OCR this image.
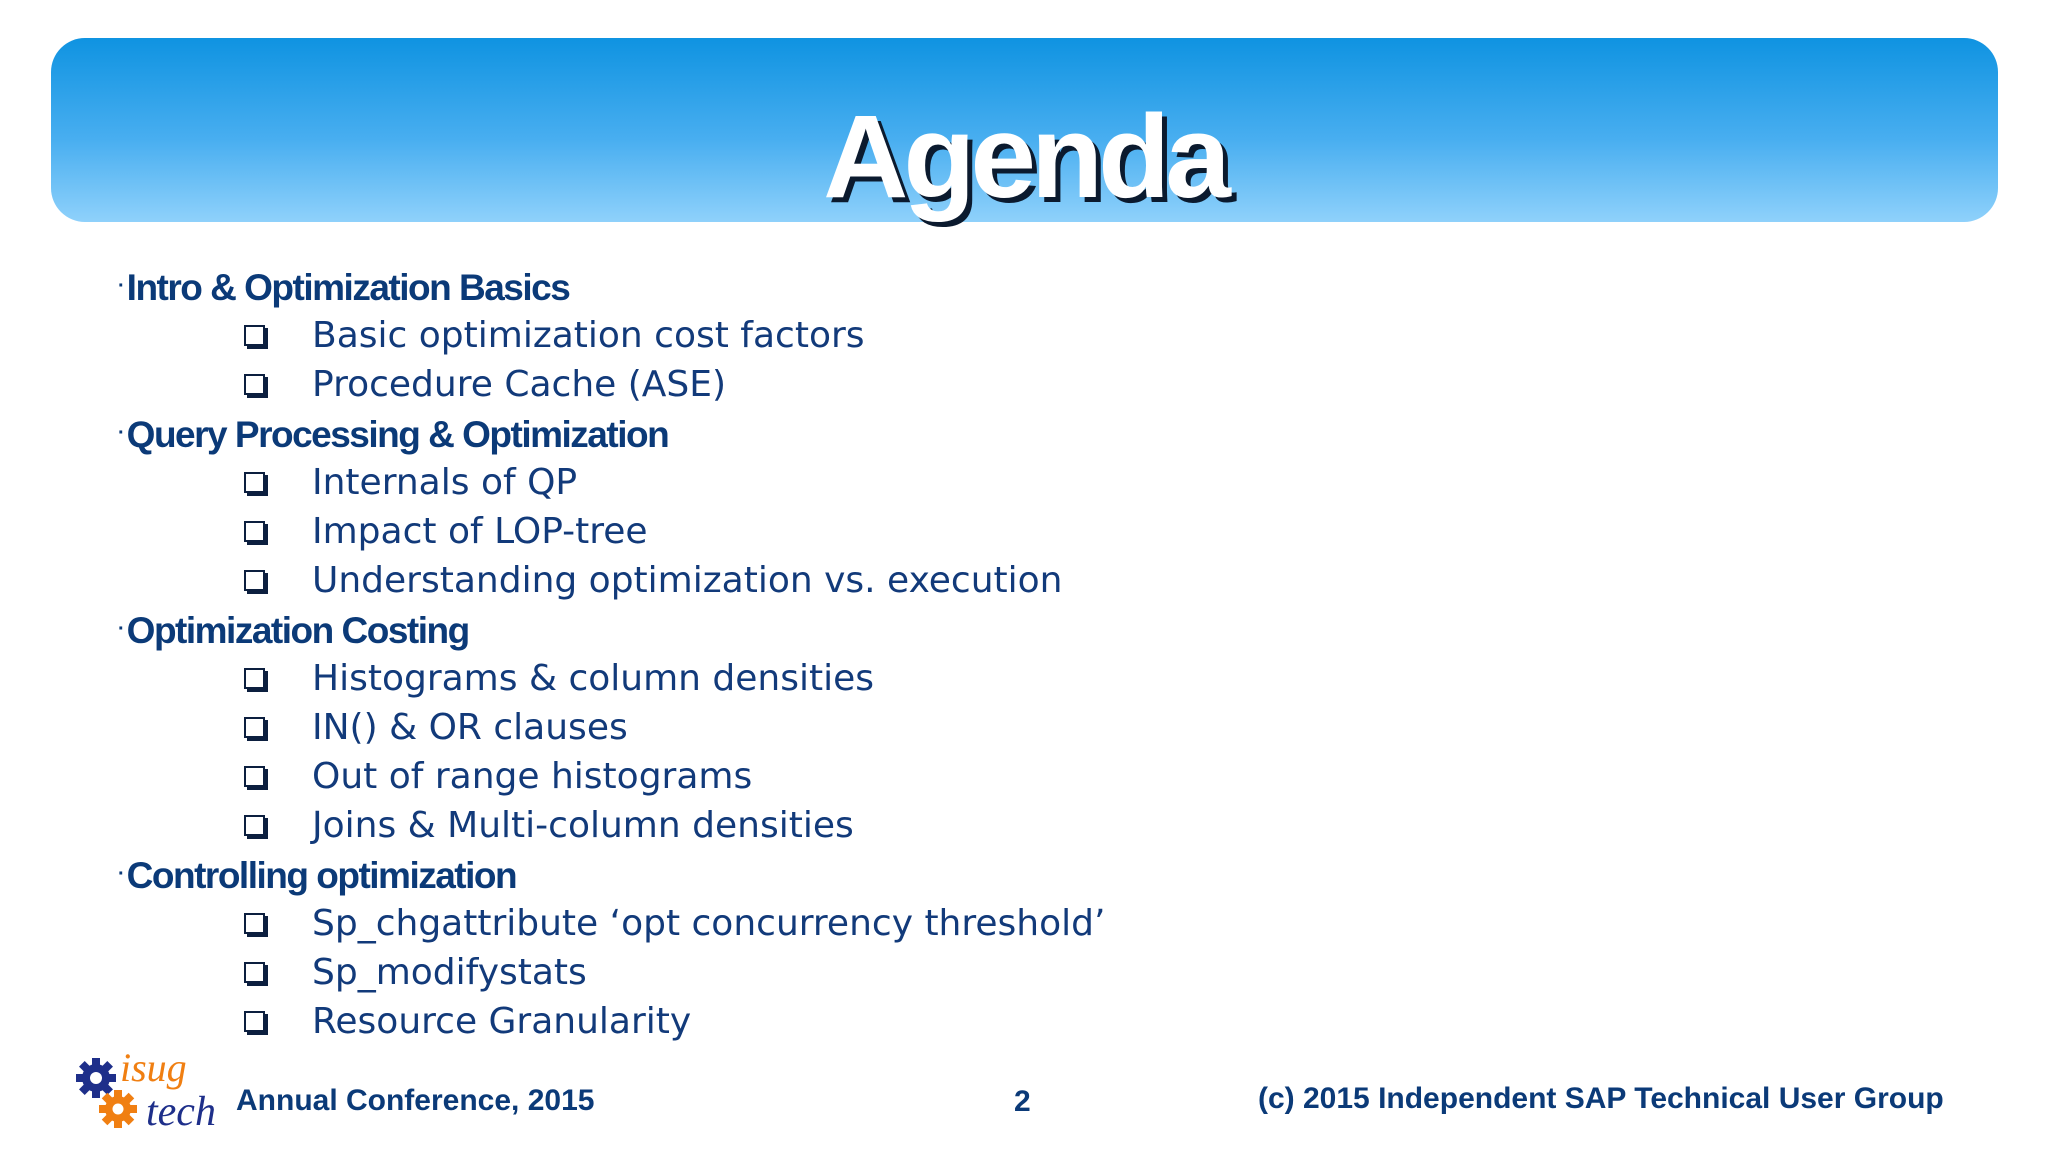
Agenda
·Intro & Optimization Basics
Basic optimization cost factors
Procedure Cache (ASE)
·Query Processing & Optimization
Internals of QP
Impact of LOP-tree
Understanding optimization vs. execution
·Optimization Costing
Histograms & column densities
IN() & OR clauses
Out of range histograms
Joins & Multi-column densities
·Controlling optimization
Sp_chgattribute ‘opt concurrency threshold’
Sp_modifystats
Resource Granularity
isug
tech Annual Conference, 2015	2	(c) 2015 Independent SAP Technical User Group
